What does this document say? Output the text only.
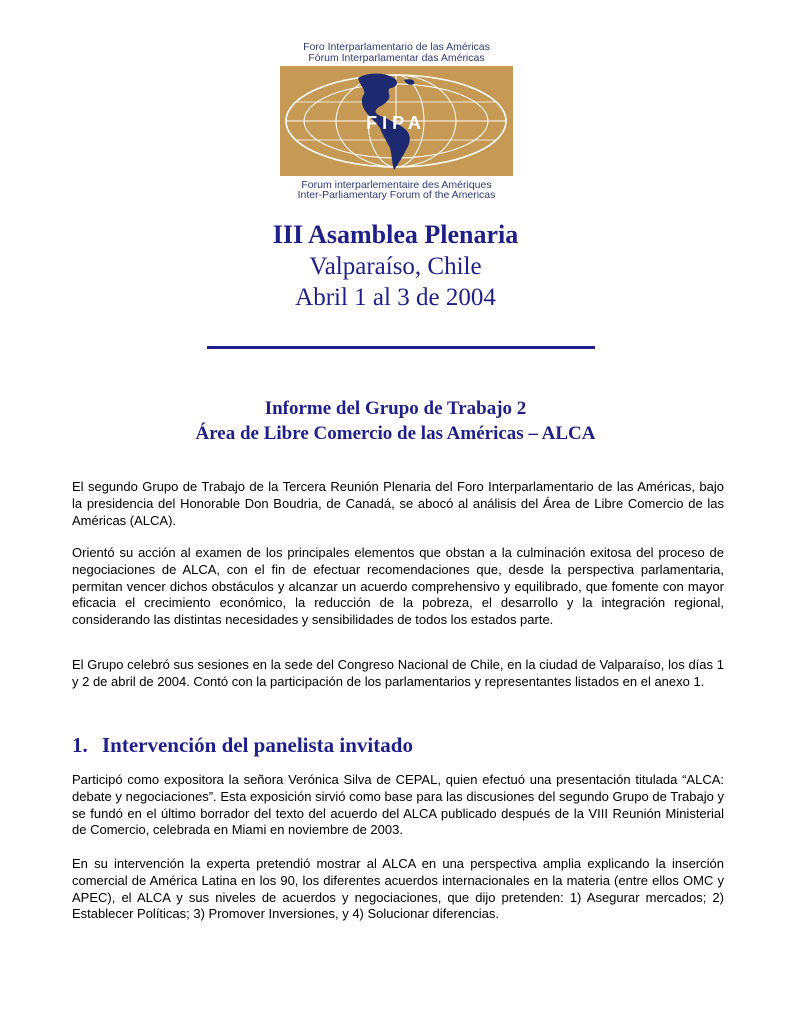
Foro Interparlamentario de las Américas
Fórum Interparlamentar das Américas
FIPA
Forum interparlementaire des Amériques
Inter-Parliamentary Forum of the Americas
III Asamblea Plenaria
Valparaíso, Chile
Abril 1 al 3 de 2004
Informe del Grupo de Trabajo 2
Área de Libre Comercio de las Américas – ALCA

El segundo Grupo de Trabajo de la Tercera Reunión Plenaria del Foro Interparlamentario de las Américas, bajo la presidencia del Honorable Don Boudria, de Canadá, se abocó al análisis del Área de Libre Comercio de las Américas (ALCA).

Orientó su acción al examen de los principales elementos que obstan a la culminación exitosa del proceso de negociaciones de ALCA, con el fin de efectuar recomendaciones que, desde la perspectiva parlamentaria, permitan vencer dichos obstáculos y alcanzar un acuerdo comprehensivo y equilibrado, que fomente con mayor eficacia el crecimiento económico, la reducción de la pobreza, el desarrollo y la integración regional, considerando las distintas necesidades y sensibilidades de todos los estados parte.

El Grupo celebró sus sesiones en la sede del Congreso Nacional de Chile, en la ciudad de Valparaíso, los días 1 y 2 de abril de 2004. Contó con la participación de los parlamentarios y representantes listados en el anexo 1.

1. Intervención del panelista invitado

Participó como expositora la señora Verónica Silva de CEPAL, quien efectuó una presentación titulada “ALCA: debate y negociaciones”. Esta exposición sirvió como base para las discusiones del segundo Grupo de Trabajo y se fundó en el último borrador del texto del acuerdo del ALCA publicado después de la VIII Reunión Ministerial de Comercio, celebrada en Miami en noviembre de 2003.

En su intervención la experta pretendió mostrar al ALCA en una perspectiva amplia explicando la inserción comercial de América Latina en los 90, los diferentes acuerdos internacionales en la materia (entre ellos OMC y APEC), el ALCA y sus niveles de acuerdos y negociaciones, que dijo pretenden: 1) Asegurar mercados; 2) Establecer Políticas; 3) Promover Inversiones, y 4) Solucionar diferencias.
